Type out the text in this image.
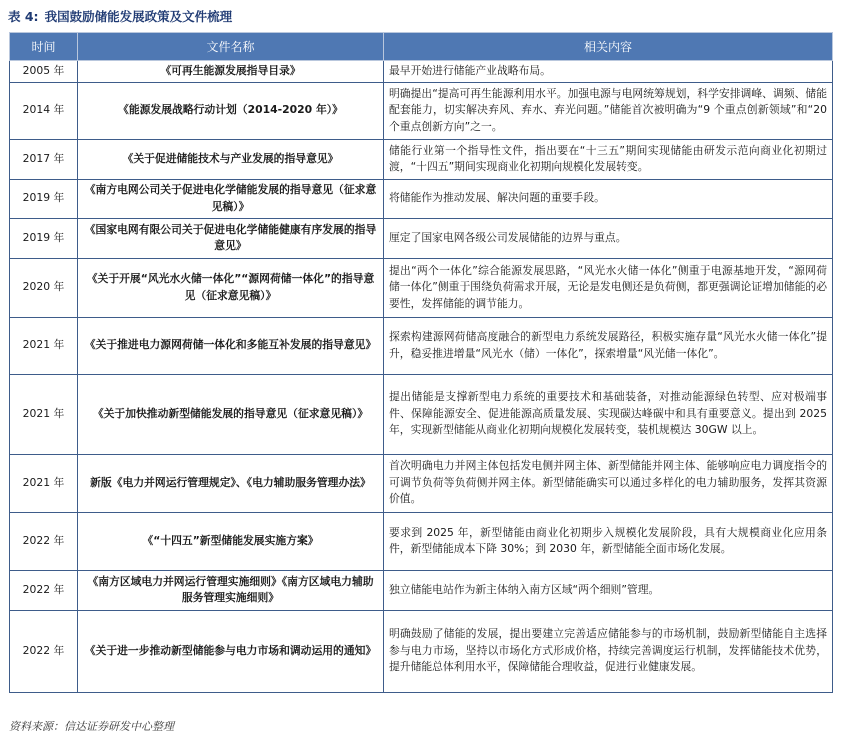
表 4: 我国鼓励储能发展政策及文件梳理
时间	文件名称	相关内容
2005 年	《可再生能源发展指导目录》	最早开始进行储能产业战略布局。
2014 年	《能源发展战略行动计划（2014-2020 年）》	明确提出“提高可再生能源利用水平。加强电源与电网统筹规划，科学安排调峰、调频、储能配套能力，切实解决弃风、弃水、弃光问题。”储能首次被明确为“9 个重点创新领域”和“20 个重点创新方向”之一。
2017 年	《关于促进储能技术与产业发展的指导意见》	储能行业第一个指导性文件，指出要在“十三五”期间实现储能由研发示范向商业化初期过渡，“十四五”期间实现商业化初期向规模化发展转变。
2019 年	《南方电网公司关于促进电化学储能发展的指导意见（征求意见稿）》	将储能作为推动发展、解决问题的重要手段。
2019 年	《国家电网有限公司关于促进电化学储能健康有序发展的指导意见》	厘定了国家电网各级公司发展储能的边界与重点。
2020 年	《关于开展“风光水火储一体化”“源网荷储一体化”的指导意见（征求意见稿）》	提出“两个一体化”综合能源发展思路，“风光水火储一体化”侧重于电源基地开发，“源网荷储一体化”侧重于围绕负荷需求开展，无论是发电侧还是负荷侧，都更强调论证增加储能的必要性，发挥储能的调节能力。
2021 年	《关于推进电力源网荷储一体化和多能互补发展的指导意见》	探索构建源网荷储高度融合的新型电力系统发展路径，积极实施存量“风光水火储一体化”提升，稳妥推进增量“风光水（储）一体化”，探索增量“风光储一体化”。
2021 年	《关于加快推动新型储能发展的指导意见（征求意见稿）》	提出储能是支撑新型电力系统的重要技术和基础装备，对推动能源绿色转型、应对极端事件、保障能源安全、促进能源高质量发展、实现碳达峰碳中和具有重要意义。提出到 2025 年，实现新型储能从商业化初期向规模化发展转变，装机规模达 30GW 以上。
2021 年	新版《电力并网运行管理规定》、《电力辅助服务管理办法》	首次明确电力并网主体包括发电侧并网主体、新型储能并网主体、能够响应电力调度指令的可调节负荷等负荷侧并网主体。新型储能确实可以通过多样化的电力辅助服务，发挥其资源价值。
2022 年	《“十四五”新型储能发展实施方案》	要求到 2025 年，新型储能由商业化初期步入规模化发展阶段，具有大规模商业化应用条件，新型储能成本下降 30%；到 2030 年，新型储能全面市场化发展。
2022 年	《南方区域电力并网运行管理实施细则》《南方区域电力辅助服务管理实施细则》	独立储能电站作为新主体纳入南方区域“两个细则”管理。
2022 年	《关于进一步推动新型储能参与电力市场和调动运用的通知》	明确鼓励了储能的发展，提出要建立完善适应储能参与的市场机制，鼓励新型储能自主选择参与电力市场，坚持以市场化方式形成价格，持续完善调度运行机制，发挥储能技术优势，提升储能总体利用水平，保障储能合理收益，促进行业健康发展。
资料来源：信达证券研发中心整理
